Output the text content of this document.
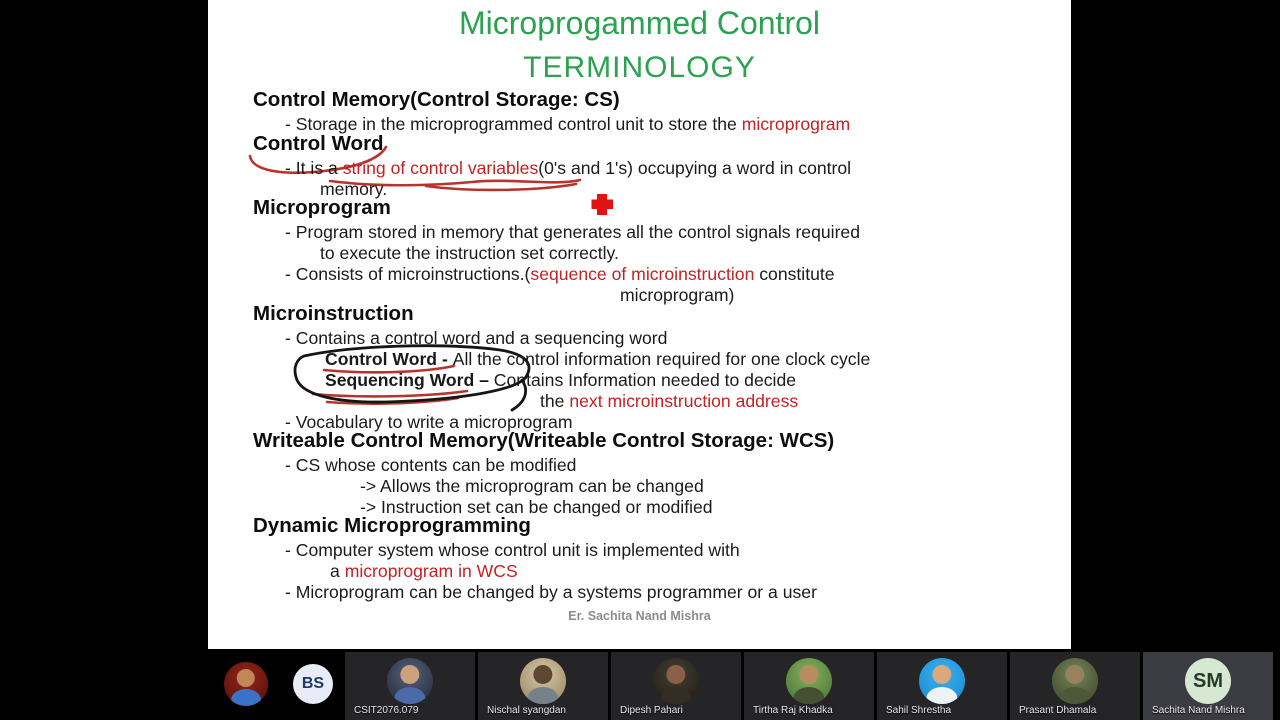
Microprogammed Control
TERMINOLOGY
Er. Sachita Nand Mishra
Control Memory(Control Storage: CS)
- Storage in the microprogrammed control unit to store the microprogram
Control Word
- It is a string of control variables(0's and 1's) occupying a word in control
memory.
Microprogram
- Program stored in memory that generates all the control signals required
to execute the instruction set correctly.
- Consists of microinstructions.(sequence of microinstruction constitute
microprogram)
Microinstruction
- Contains a control word and a sequencing word
Control Word - All the control information required for one clock cycle
Sequencing Word – Contains Information needed to decide
the next microinstruction address
- Vocabulary to write a microprogram
Writeable Control Memory(Writeable Control Storage: WCS)
- CS whose contents can be modified
-> Allows the microprogram can be changed
-> Instruction set can be changed or modified
Dynamic Microprogramming
- Computer system whose control unit is implemented with
a microprogram in WCS
- Microprogram can be changed by a systems programmer or a user
BS
CSIT2076.079	Nischal syangdan	Dipesh Pahari	Tirtha Raj Khadka	Sahil Shrestha	Prasant Dhamala
SM
Sachita Nand Mishra
